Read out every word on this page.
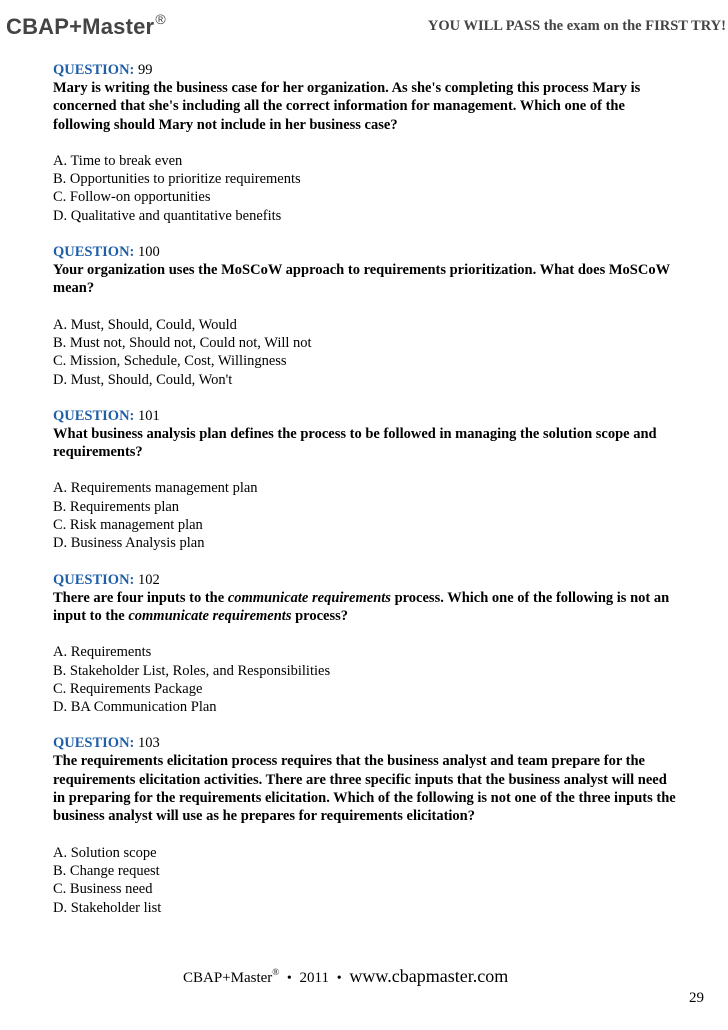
CBAP+Master®	YOU WILL PASS the exam on the FIRST TRY!
QUESTION: 99
Mary is writing the business case for her organization. As she's completing this process Mary is concerned that she's including all the correct information for management. Which one of the following should Mary not include in her business case?
A. Time to break even
B. Opportunities to prioritize requirements
C. Follow-on opportunities
D. Qualitative and quantitative benefits
QUESTION: 100
Your organization uses the MoSCoW approach to requirements prioritization. What does MoSCoW mean?
A. Must, Should, Could, Would
B. Must not, Should not, Could not, Will not
C. Mission, Schedule, Cost, Willingness
D. Must, Should, Could, Won't
QUESTION: 101
What business analysis plan defines the process to be followed in managing the solution scope and requirements?
A. Requirements management plan
B. Requirements plan
C. Risk management plan
D. Business Analysis plan
QUESTION: 102
There are four inputs to the communicate requirements process. Which one of the following is not an input to the communicate requirements process?
A. Requirements
B. Stakeholder List, Roles, and Responsibilities
C. Requirements Package
D. BA Communication Plan
QUESTION: 103
The requirements elicitation process requires that the business analyst and team prepare for the requirements elicitation activities. There are three specific inputs that the business analyst will need in preparing for the requirements elicitation. Which of the following is not one of the three inputs the business analyst will use as he prepares for requirements elicitation?
A. Solution scope
B. Change request
C. Business need
D. Stakeholder list
CBAP+Master® • 2011 • www.cbapmaster.com
29
